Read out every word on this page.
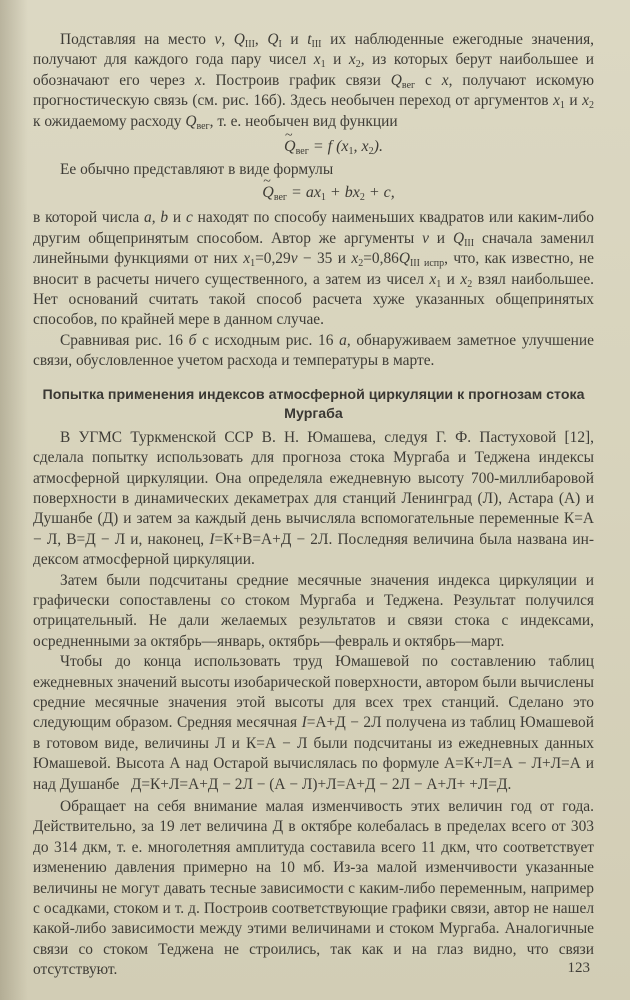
Подставляя на место v, $Q_{III}$, $Q_I$ и $t_{III}$ их наблюденные ежегодные значения, получают для каждого года пару чисел $x_1$ и $x_2$, из которых берут наибольшее и обозначают его через x. Построив график связи $Q_{вег}$ с x, получают искомую прогностическую связь (см. рис. 16б). Здесь необычен переход от аргументов $x_1$ и $x_2$ к ожидаемому расходу $Q_{вег}$, т. е. необычен вид функции

~ $Q_{вег} = f$ ($x_1$, $x_2$).

Ее обычно представляют в виде формулы

~ $Q_{вег} = ax_1 + bx_2 + c$,

в которой числа a, b и c находят по способу наименьших квадратов или каким-либо другим общепринятым способом. Автор же аргументы v и $Q_{III}$ сначала заменил линейными функциями от них $x_1=0,29v - 35$ и $x_2=0,86Q_{III испр}$, что, как известно, не вносит в расчеты ничего существенного, а затем из чисел $x_1$ и $x_2$ взял наибольшее. Нет оснований считать такой способ расчета хуже указанных общепринятых способов, по крайней мере в данном случае.

Сравнивая рис. 16 б с исходным рис. 16 а, обнаруживаем заметное улучшение связи, обусловленное учетом расхода и температуры в марте.

Попытка применения индексов атмосферной циркуляции к прогнозам стока Мургаба

В УГМС Туркменской ССР В. Н. Юмашева, следуя Г. Ф. Пастуховой [12], сделала попытку использовать для прогноза стока Мургаба и Теджена индексы атмосферной циркуляции. Она определяла ежедневную высоту 700-миллибаровой поверхности в динамических декаметрах для станций Ленинград (Л), Астара (А) и Душанбе (Д) и затем за каждый день вычисляла вспомогательные переменные К=А − Л, В=Д − Л и, наконец, I=К+В=А+Д − 2Л. Последняя величина была названа индексом атмосферной циркуляции.

Затем были подсчитаны средние месячные значения индекса циркуляции и графически сопоставлены со стоком Мургаба и Теджена. Результат получился отрицательный. Не дали желаемых результатов и связи стока с индексами, осредненными за октябрь—январь, октябрь—февраль и октябрь—март.

Чтобы до конца использовать труд Юмашевой по составлению таблиц ежедневных значений высоты изобарической поверхности, автором были вычислены средние месячные значения этой высоты для всех трех станций. Сделано это следующим образом. Средняя месячная I=А+Д − 2Л получена из таблиц Юмашевой в готовом виде, величины Л и К=А − Л были подсчитаны из ежедневных данных Юмашевой. Высота А над Остарой вычислялась по формуле А=К+Л=А − Л+Л=А и над Душанбе   Д=К+Л=А+Д − 2Л − (А − Л)+Л=А+Д − 2Л − А+Л+ +Л=Д.

Обращает на себя внимание малая изменчивость этих величин год от года. Действительно, за 19 лет величина Д в октябре колебалась в пределах всего от 303 до 314 дкм, т. е. многолетняя амплитуда составила всего 11 дкм, что соответствует изменению давления примерно на 10 мб. Из-за малой изменчивости указанные величины не могут давать тесные зависимости с каким-либо переменным, например с осадками, стоком и т. д. Построив соответствующие графики связи, автор не нашел какой-либо зависимости между этими величинами и стоком Мургаба. Аналогичные связи со стоком Теджена не строились, так как и на глаз видно, что связи отсутствуют.	123
